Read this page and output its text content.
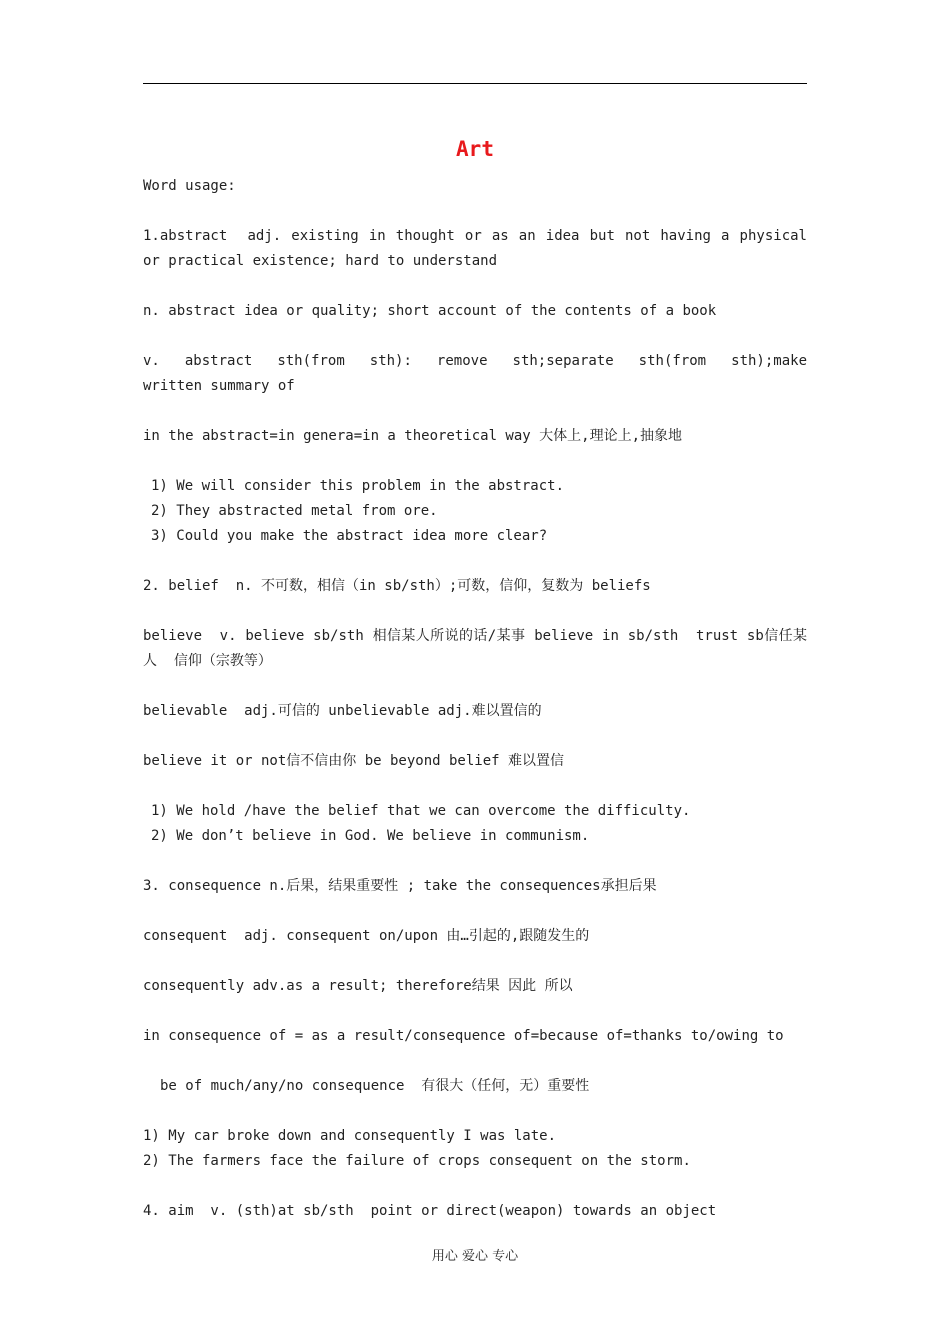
Art

Word usage:

1.abstract  adj. existing in thought or as an idea but not having a physical or practical existence; hard to understand

n. abstract idea or quality; short account of the contents of a book

v.  abstract  sth(from  sth):  remove  sth;separate  sth(from  sth);make  written summary of

in the abstract=in genera=in a theoretical way 大体上,理论上,抽象地

1) We will consider this problem in the abstract.

2) They abstracted metal from ore.

3) Could you make the abstract idea more clear?

2. belief  n. 不可数，相信（in sb/sth）;可数，信仰，复数为 beliefs

believe  v. believe sb/sth 相信某人所说的话/某事 believe in sb/sth  trust sb信任某人  信仰（宗教等）

believable  adj.可信的 unbelievable adj.难以置信的

believe it or not信不信由你 be beyond belief 难以置信

1) We hold /have the belief that we can overcome the difficulty.

2) We don’t believe in God. We believe in communism.

3. consequence n.后果，结果重要性 ; take the consequences承担后果

consequent  adj. consequent on/upon 由…引起的,跟随发生的

consequently adv.as a result; therefore结果 因此 所以

in consequence of = as a result/consequence of=because of=thanks to/owing to

be of much/any/no consequence  有很大（任何，无）重要性

1) My car broke down and consequently I was late.

2) The farmers face the failure of crops consequent on the storm.

4. aim  v. (sth)at sb/sth  point or direct(weapon) towards an object

用心 爱心 专心
